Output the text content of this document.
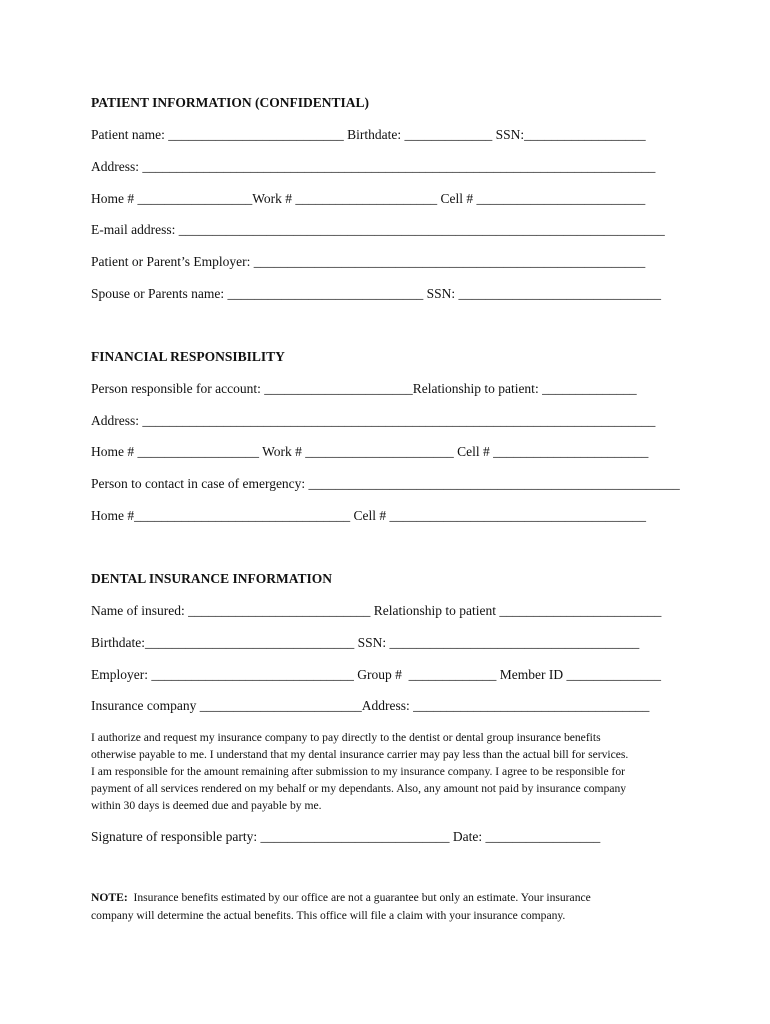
PATIENT INFORMATION (CONFIDENTIAL)

Patient name: __________________________ Birthdate: _____________ SSN:__________________

Address: ____________________________________________________________________________

Home # _________________Work # _____________________ Cell # _________________________

E-mail address: ________________________________________________________________________

Patient or Parent’s Employer: __________________________________________________________

Spouse or Parents name: _____________________________ SSN: ______________________________

FINANCIAL RESPONSIBILITY

Person responsible for account: ______________________Relationship to patient: ______________

Address: ____________________________________________________________________________

Home # __________________ Work # ______________________ Cell # _______________________

Person to contact in case of emergency: _______________________________________________________

Home #________________________________ Cell # ______________________________________

DENTAL INSURANCE INFORMATION

Name of insured: ___________________________ Relationship to patient ________________________

Birthdate:_______________________________ SSN: _____________________________________

Employer: ______________________________ Group #  _____________ Member ID ______________

Insurance company ________________________Address: ___________________________________

I authorize and request my insurance company to pay directly to the dentist or dental group insurance benefits
otherwise payable to me. I understand that my dental insurance carrier may pay less than the actual bill for services.
I am responsible for the amount remaining after submission to my insurance company. I agree to be responsible for
payment of all services rendered on my behalf or my dependants. Also, any amount not paid by insurance company
within 30 days is deemed due and payable by me.

Signature of responsible party: ____________________________ Date: _________________

NOTE:  Insurance benefits estimated by our office are not a guarantee but only an estimate. Your insurance
company will determine the actual benefits. This office will file a claim with your insurance company.
